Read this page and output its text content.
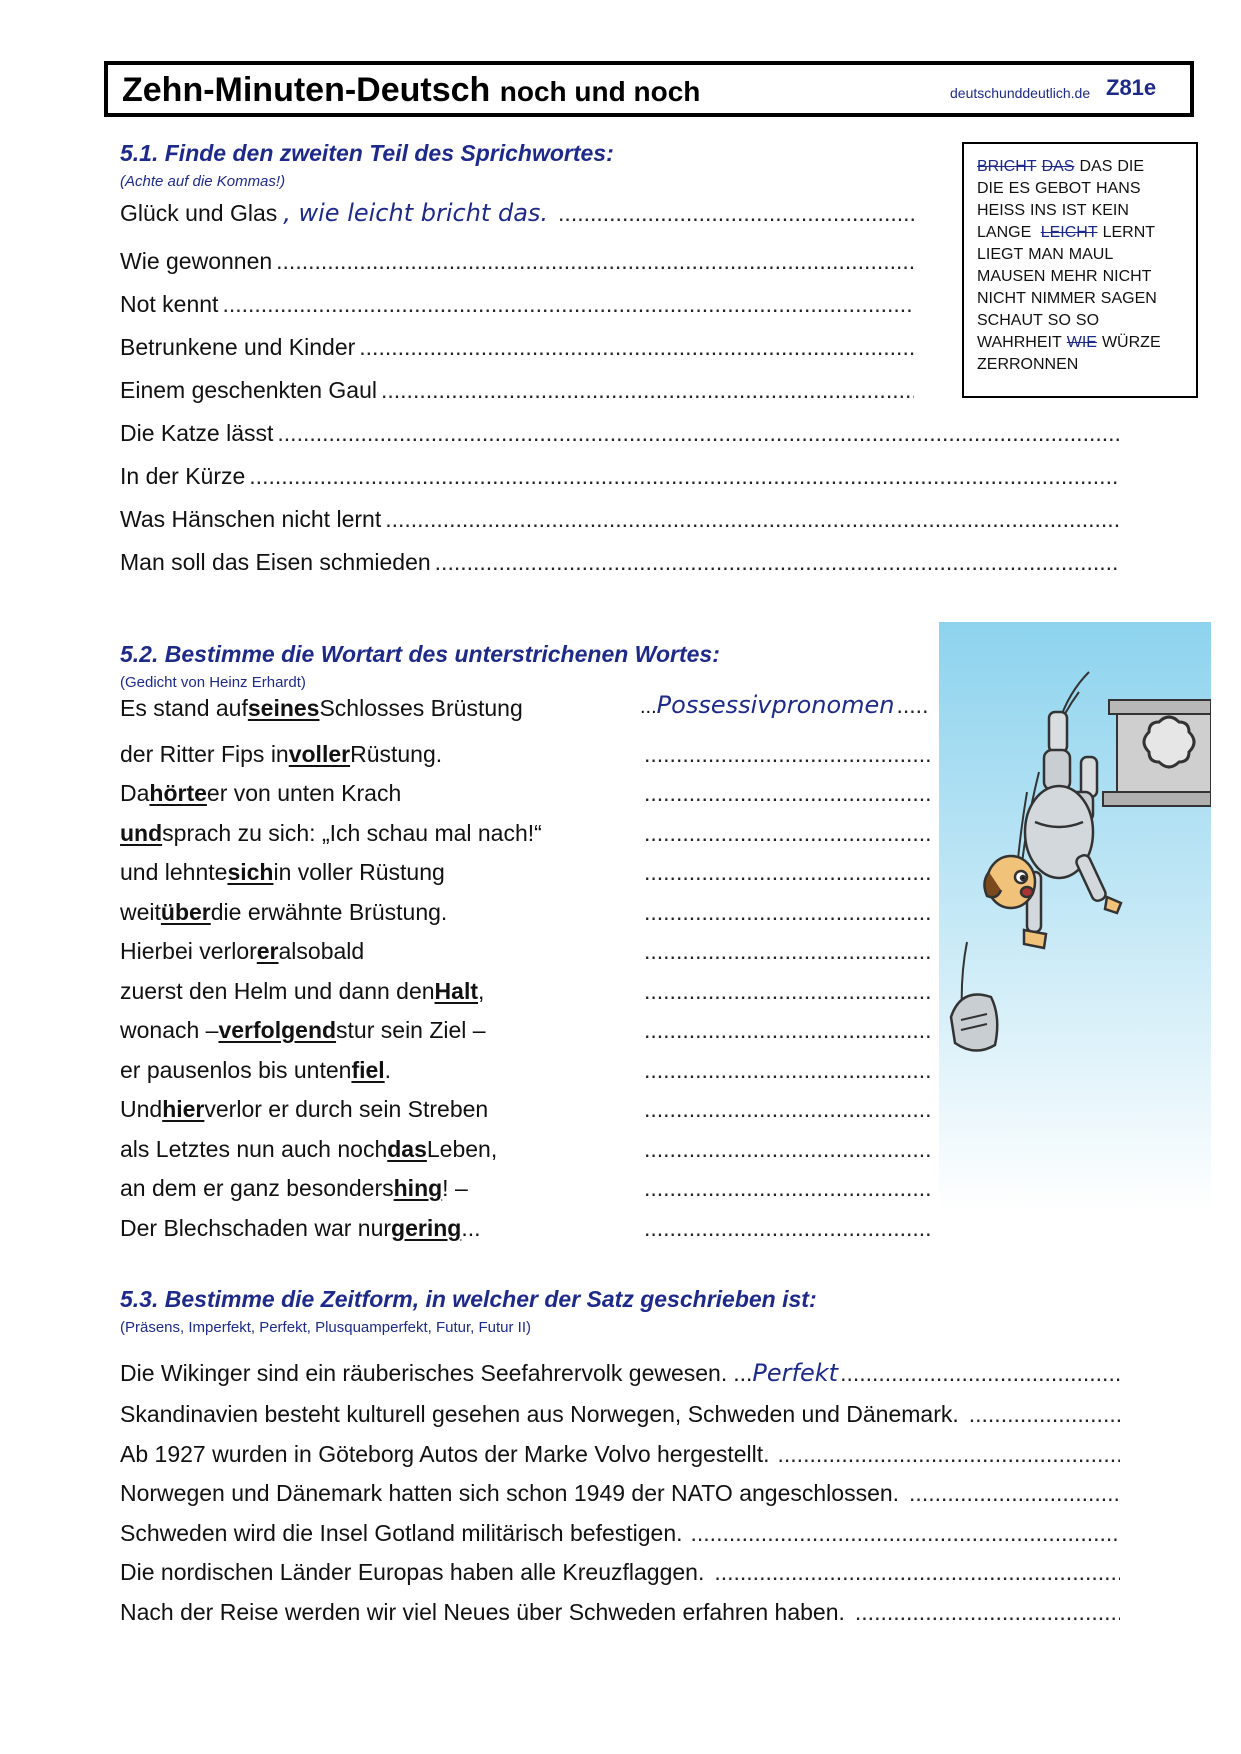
Zehn-Minuten-Deutsch noch und noch	deutschunddeutlich.de Z81e
5.1. Finde den zweiten Teil des Sprichwortes:
(Achte auf die Kommas!)
Glück und Glas , wie leicht bricht das.
.....
Wie gewonnen
.....
Not kennt
.....
Betrunkene und Kinder
.....
Einem geschenkten Gaul
.....
Die Katze lässt
.....
In der Kürze
.....
Was Hänschen nicht lernt
.....
Man soll das Eisen schmieden
.....
BRICHT DAS DAS DIE
DIE ES GEBOT HANS
HEISS INS IST KEIN
LANGE LEICHT LERNT
LIEGT MAN MAUL
MAUSEN MEHR NICHT
NICHT NIMMER SAGEN
SCHAUT SO SO
WAHRHEIT WIE WÜRZE
ZERRONNEN
5.2. Bestimme die Wortart des unterstrichenen Wortes:
(Gedicht von Heinz Erhardt)
Es stand auf seines Schlosses Brüstung
der Ritter Fips in voller Rüstung.
Da hörte er von unten Krach
und sprach zu sich: „Ich schau mal nach!“
und lehnte sich in voller Rüstung
weit über die erwähnte Brüstung.
Hierbei verlor er alsobald
zuerst den Helm und dann den Halt ,
wonach – verfolgend stur sein Ziel –
er pausenlos bis unten fiel .
Und hier verlor er durch sein Streben
als Letztes nun auch noch das Leben,
an dem er ganz besonders hing ! –
Der Blechschaden war nur gering ...
... Possessivpronomen
.....
.....
.....
.....
.....
.....
.....
.....
.....
.....
.....
.....
.....
.....
5.3. Bestimme die Zeitform, in welcher der Satz geschrieben ist:
(Präsens, Imperfekt, Perfekt, Plusquamperfekt, Futur, Futur II)
Die Wikinger sind ein räuberisches Seefahrervolk gewesen. ... Perfekt
.....
Skandinavien besteht kulturell gesehen aus Norwegen, Schweden und Dänemark.
.....
Ab 1927 wurden in Göteborg Autos der Marke Volvo hergestellt.
.....
Norwegen und Dänemark hatten sich schon 1949 der NATO angeschlossen.
.....
Schweden wird die Insel Gotland militärisch befestigen.
.....
Die nordischen Länder Europas haben alle Kreuzflaggen.
.....
Nach der Reise werden wir viel Neues über Schweden erfahren haben.
.....
